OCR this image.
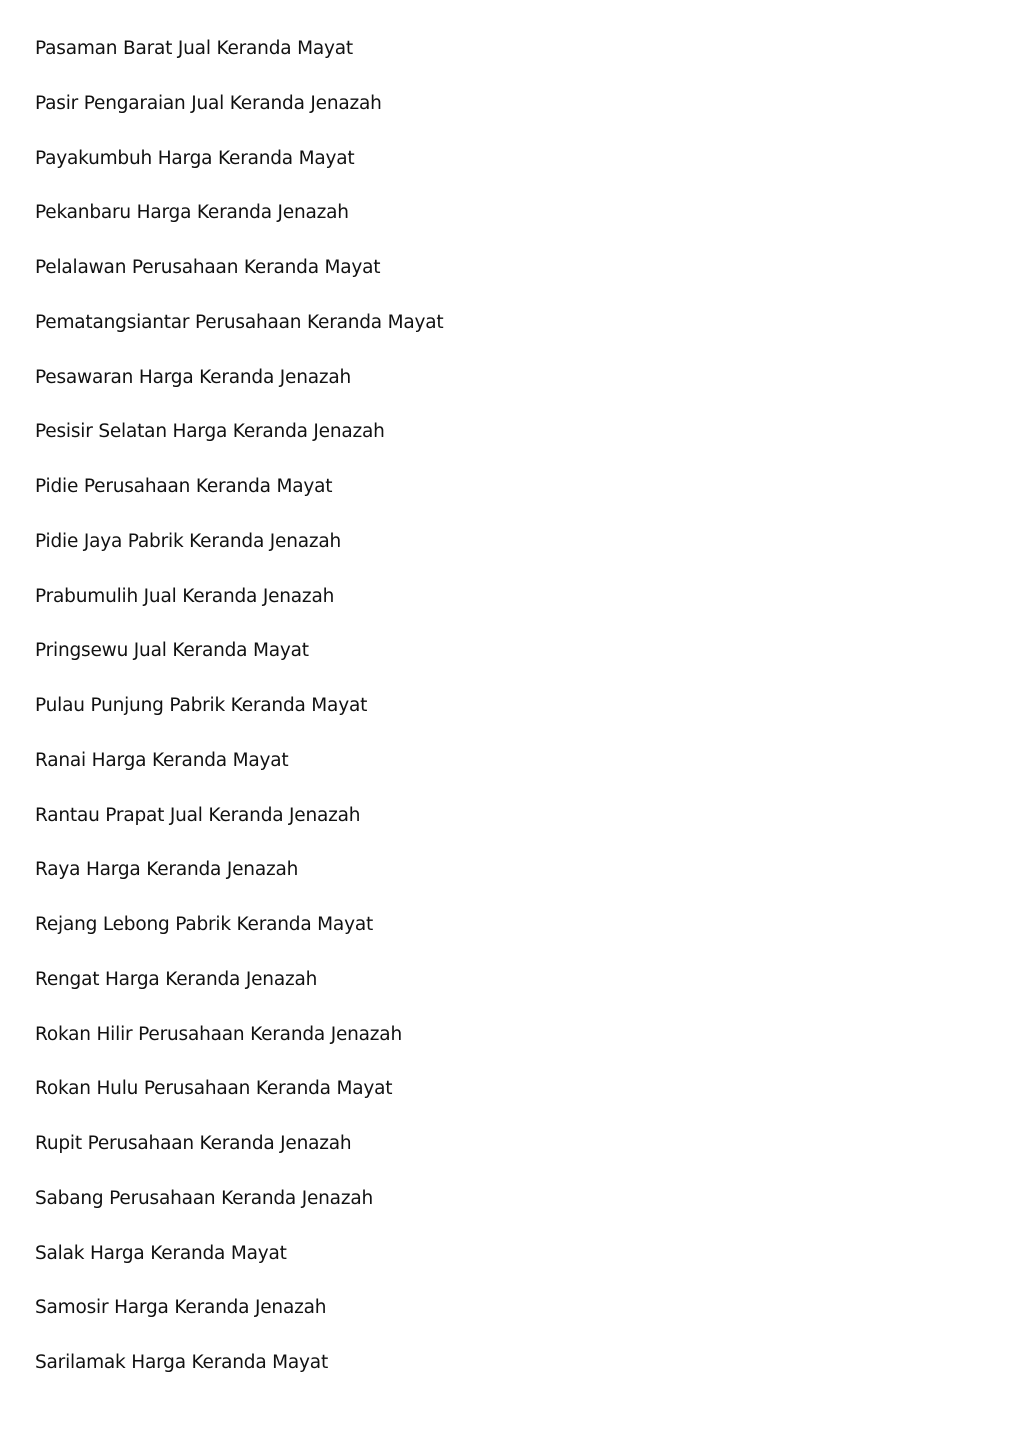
Pasaman Barat Jual Keranda Mayat
Pasir Pengaraian Jual Keranda Jenazah
Payakumbuh Harga Keranda Mayat
Pekanbaru Harga Keranda Jenazah
Pelalawan Perusahaan Keranda Mayat
Pematangsiantar Perusahaan Keranda Mayat
Pesawaran Harga Keranda Jenazah
Pesisir Selatan Harga Keranda Jenazah
Pidie Perusahaan Keranda Mayat
Pidie Jaya Pabrik Keranda Jenazah
Prabumulih Jual Keranda Jenazah
Pringsewu Jual Keranda Mayat
Pulau Punjung Pabrik Keranda Mayat
Ranai Harga Keranda Mayat
Rantau Prapat Jual Keranda Jenazah
Raya Harga Keranda Jenazah
Rejang Lebong Pabrik Keranda Mayat
Rengat Harga Keranda Jenazah
Rokan Hilir Perusahaan Keranda Jenazah
Rokan Hulu Perusahaan Keranda Mayat
Rupit Perusahaan Keranda Jenazah
Sabang Perusahaan Keranda Jenazah
Salak Harga Keranda Mayat
Samosir Harga Keranda Jenazah
Sarilamak Harga Keranda Mayat
